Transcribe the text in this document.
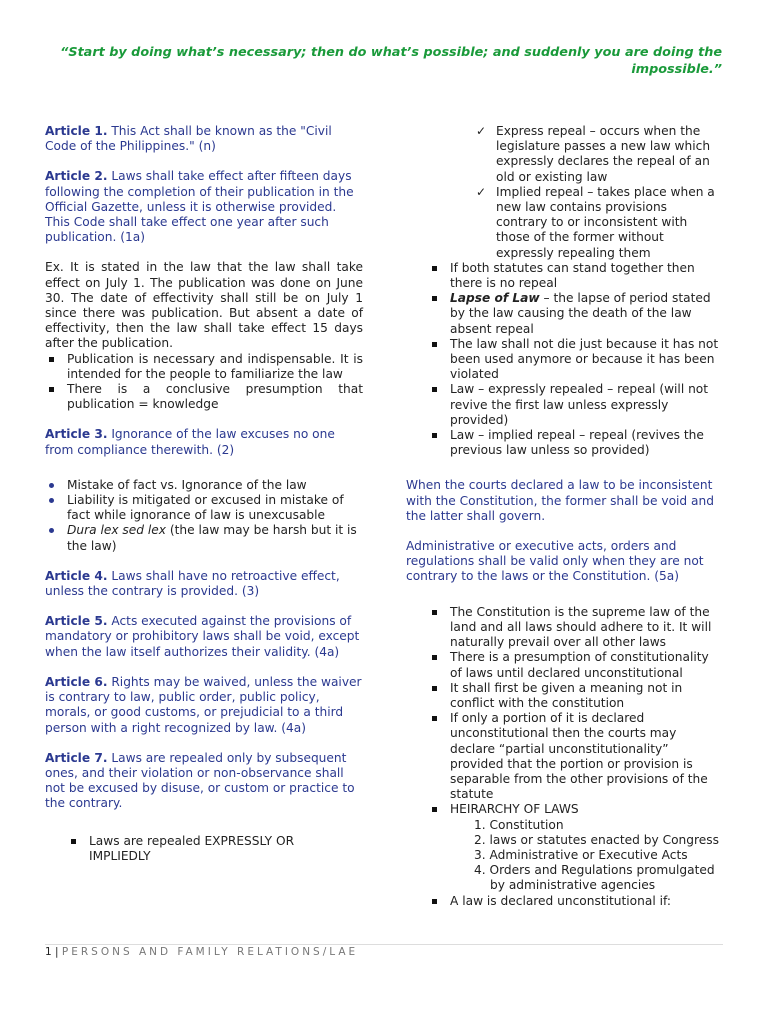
“Start by doing what’s necessary; then do what’s possible; and suddenly you are doing the impossible.”

Article 1. This Act shall be known as the "Civil Code of the Philippines." (n)

Article 2. Laws shall take effect after fifteen days following the completion of their publication in the Official Gazette, unless it is otherwise provided. This Code shall take effect one year after such publication. (1a)

Ex. It is stated in the law that the law shall take effect on July 1. The publication was done on June 30. The date of effectivity shall still be on July 1 since there was publication. But absent a date of effectivity, then the law shall take effect 15 days after the publication.
Publication is necessary and indispensable. It is intended for the people to familiarize the law
There is a conclusive presumption that publication = knowledge

Article 3. Ignorance of the law excuses no one from compliance therewith. (2)

Mistake of fact vs. Ignorance of the law
Liability is mitigated or excused in mistake of fact while ignorance of law is unexcusable
Dura lex sed lex (the law may be harsh but it is the law)

Article 4. Laws shall have no retroactive effect, unless the contrary is provided. (3)

Article 5. Acts executed against the provisions of mandatory or prohibitory laws shall be void, except when the law itself authorizes their validity. (4a)

Article 6. Rights may be waived, unless the waiver is contrary to law, public order, public policy, morals, or good customs, or prejudicial to a third person with a right recognized by law. (4a)

Article 7. Laws are repealed only by subsequent ones, and their violation or non-observance shall not be excused by disuse, or custom or practice to the contrary.

Laws are repealed EXPRESSLY OR IMPLIEDLY
✓ Express repeal – occurs when the legislature passes a new law which expressly declares the repeal of an old or existing law
✓ Implied repeal – takes place when a new law contains provisions contrary to or inconsistent with those of the former without expressly repealing them
If both statutes can stand together then there is no repeal
Lapse of Law – the lapse of period stated by the law causing the death of the law absent repeal
The law shall not die just because it has not been used anymore or because it has been violated
Law – expressly repealed – repeal (will not revive the first law unless expressly provided)
Law – implied repeal – repeal (revives the previous law unless so provided)

When the courts declared a law to be inconsistent with the Constitution, the former shall be void and the latter shall govern.

Administrative or executive acts, orders and regulations shall be valid only when they are not contrary to the laws or the Constitution. (5a)

The Constitution is the supreme law of the land and all laws should adhere to it. It will naturally prevail over all other laws
There is a presumption of constitutionality of laws until declared unconstitutional
It shall first be given a meaning not in conflict with the constitution
If only a portion of it is declared unconstitutional then the courts may declare “partial unconstitutionality” provided that the portion or provision is separable from the other provisions of the statute
HEIRARCHY OF LAWS
1. Constitution
2. laws or statutes enacted by Congress
3. Administrative or Executive Acts
4. Orders and Regulations promulgated by administrative agencies
A law is declared unconstitutional if:
1 | PERSONS AND FAMILY RELATIONS/LAE
